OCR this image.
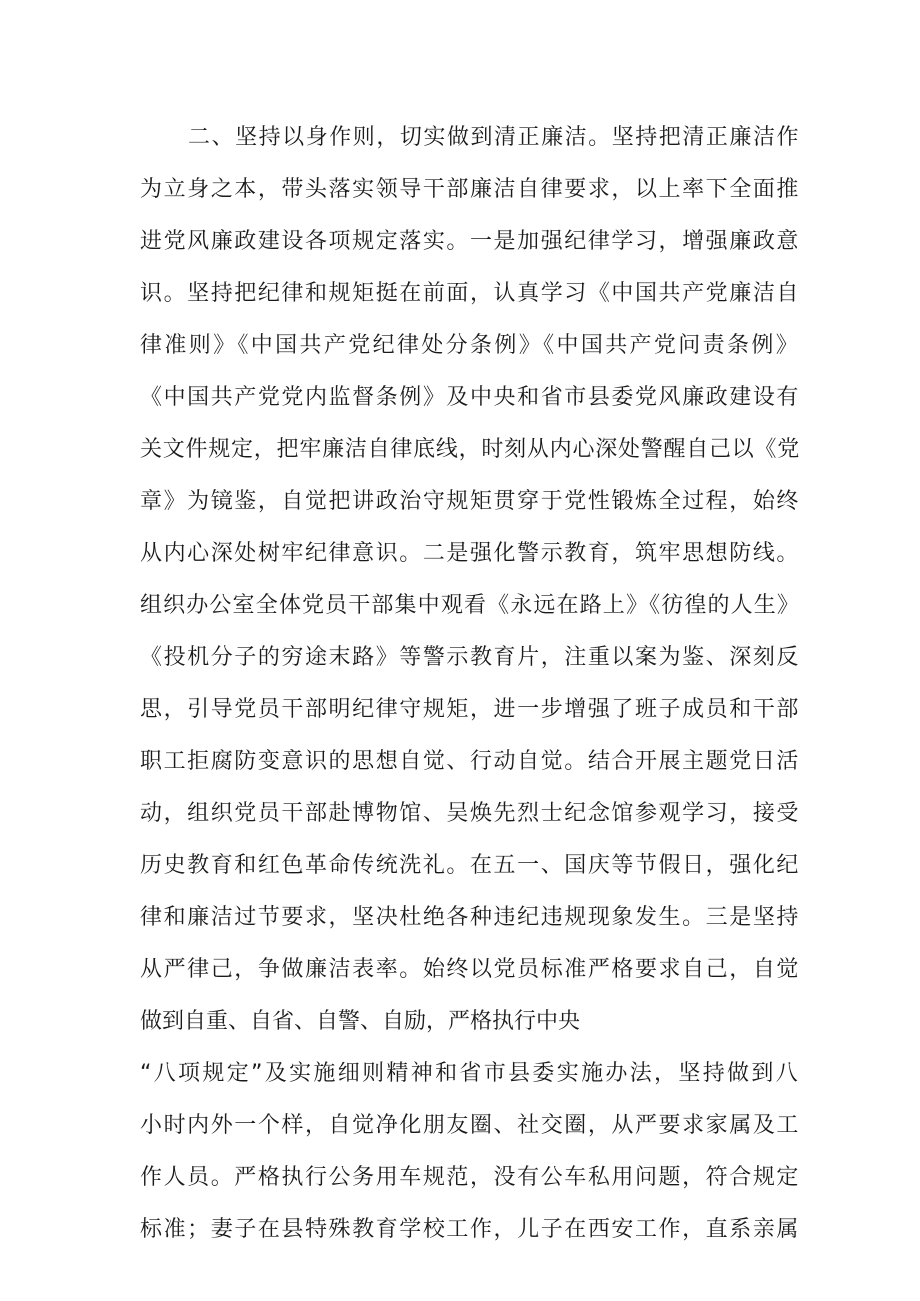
二、坚持以身作则，切实做到清正廉洁。坚持把清正廉洁作
为立身之本，带头落实领导干部廉洁自律要求，以上率下全面推
进党风廉政建设各项规定落实。一是加强纪律学习，增强廉政意
识。坚持把纪律和规矩挺在前面，认真学习《中国共产党廉洁自
律准则》《中国共产党纪律处分条例》《中国共产党问责条例》
《中国共产党党内监督条例》及中央和省市县委党风廉政建设有
关文件规定，把牢廉洁自律底线，时刻从内心深处警醒自己以《党
章》为镜鉴，自觉把讲政治守规矩贯穿于党性锻炼全过程，始终
从内心深处树牢纪律意识。二是强化警示教育，筑牢思想防线。
组织办公室全体党员干部集中观看《永远在路上》《彷徨的人生》
《投机分子的穷途末路》等警示教育片，注重以案为鉴、深刻反
思，引导党员干部明纪律守规矩，进一步增强了班子成员和干部
职工拒腐防变意识的思想自觉、行动自觉。结合开展主题党日活
动，组织党员干部赴博物馆、吴焕先烈士纪念馆参观学习，接受
历史教育和红色革命传统洗礼。在五一、国庆等节假日，强化纪
律和廉洁过节要求，坚决杜绝各种违纪违规现象发生。三是坚持
从严律己，争做廉洁表率。始终以党员标准严格要求自己，自觉
做到自重、自省、自警、自励，严格执行中央
“八项规定”及实施细则精神和省市县委实施办法，坚持做到八
小时内外一个样，自觉净化朋友圈、社交圈，从严要求家属及工
作人员。严格执行公务用车规范，没有公车私用问题，符合规定
标准；妻子在县特殊教育学校工作，儿子在西安工作，直系亲属
